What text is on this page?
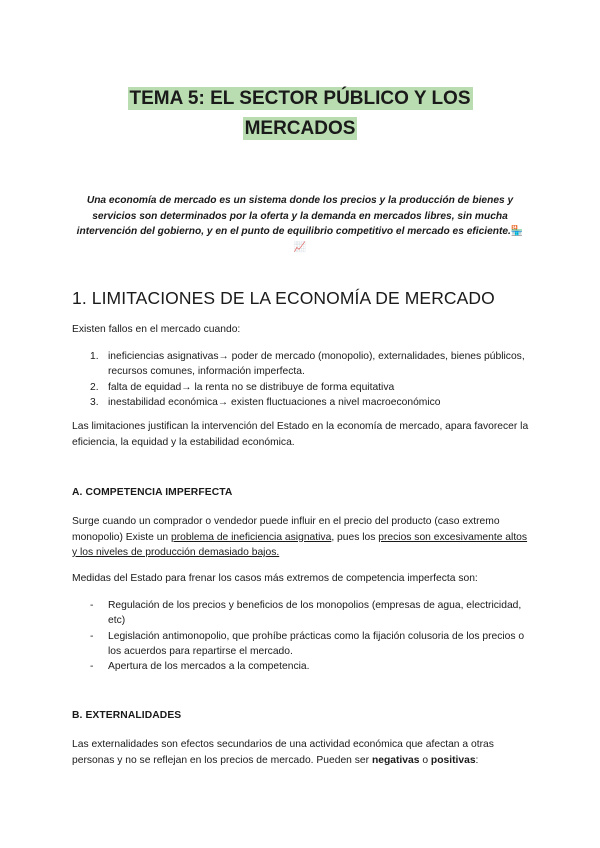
TEMA 5: EL SECTOR PÚBLICO Y LOS
MERCADOS

Una economía de mercado es un sistema donde los precios y la producción de bienes y servicios son determinados por la oferta y la demanda en mercados libres, sin mucha intervención del gobierno, y en el punto de equilibrio competitivo el mercado es eficiente.🏪📈

1. LIMITACIONES DE LA ECONOMÍA DE MERCADO

Existen fallos en el mercado cuando:

1. ineficiencias asignativas→ poder de mercado (monopolio), externalidades, bienes públicos, recursos comunes, información imperfecta.
2. falta de equidad→ la renta no se distribuye de forma equitativa
3. inestabilidad económica→ existen fluctuaciones a nivel macroeconómico

Las limitaciones justifican la intervención del Estado en la economía de mercado, apara favorecer la eficiencia, la equidad y la estabilidad económica.

A. COMPETENCIA IMPERFECTA

Surge cuando un comprador o vendedor puede influir en el precio del producto (caso extremo monopolio) Existe un problema de ineficiencia asignativa, pues los precios son excesivamente altos y los niveles de producción demasiado bajos.

Medidas del Estado para frenar los casos más extremos de competencia imperfecta son:

- Regulación de los precios y beneficios de los monopolios (empresas de agua, electricidad, etc)
- Legislación antimonopolio, que prohíbe prácticas como la fijación colusoria de los precios o los acuerdos para repartirse el mercado.
- Apertura de los mercados a la competencia.
B. EXTERNALIDADES

Las externalidades son efectos secundarios de una actividad económica que afectan a otras personas y no se reflejan en los precios de mercado. Pueden ser negativas o positivas:
